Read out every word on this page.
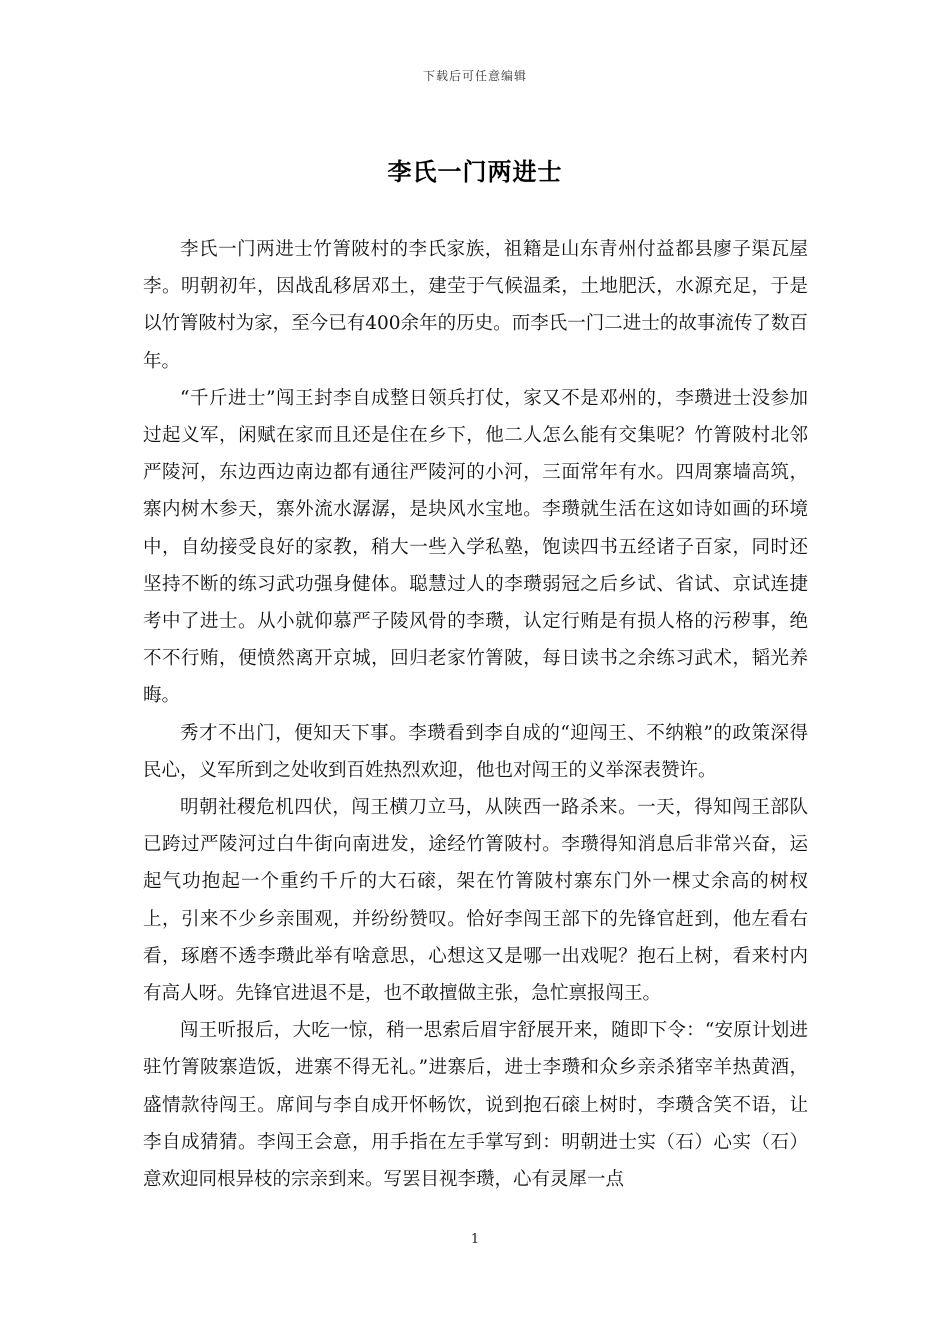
下载后可任意编辑
李氏一门两进士

李氏一门两进士竹箐陂村的李氏家族，祖籍是山东青州付益都县廖子渠瓦屋李。明朝初年，因战乱移居邓土，建茔于气候温柔，土地肥沃，水源充足，于是以竹箐陂村为家，至今已有400余年的历史。而李氏一门二进士的故事流传了数百年。

“千斤进士”闯王封李自成整日领兵打仗，家又不是邓州的，李瓒进士没参加过起义军，闲赋在家而且还是住在乡下，他二人怎么能有交集呢？竹箐陂村北邻严陵河，东边西边南边都有通往严陵河的小河，三面常年有水。四周寨墙高筑，寨内树木参天，寨外流水潺潺，是块风水宝地。李瓒就生活在这如诗如画的环境中，自幼接受良好的家教，稍大一些入学私塾，饱读四书五经诸子百家，同时还坚持不断的练习武功强身健体。聪慧过人的李瓒弱冠之后乡试、省试、京试连捷考中了进士。从小就仰慕严子陵风骨的李瓒，认定行贿是有损人格的污秽事，绝不不行贿，便愤然离开京城，回归老家竹箐陂，每日读书之余练习武术，韬光养晦。

秀才不出门，便知天下事。李瓒看到李自成的“迎闯王、不纳粮”的政策深得民心，义军所到之处收到百姓热烈欢迎，他也对闯王的义举深表赞许。

明朝社稷危机四伏，闯王横刀立马，从陕西一路杀来。一天，得知闯王部队已跨过严陵河过白牛街向南进发，途经竹箐陂村。李瓒得知消息后非常兴奋，运起气功抱起一个重约千斤的大石磙，架在竹箐陂村寨东门外一棵丈余高的树杈上，引来不少乡亲围观，并纷纷赞叹。恰好李闯王部下的先锋官赶到，他左看右看，琢磨不透李瓒此举有啥意思，心想这又是哪一出戏呢？抱石上树，看来村内有高人呀。先锋官进退不是，也不敢擅做主张，急忙禀报闯王。

闯王听报后，大吃一惊，稍一思索后眉宇舒展开来，随即下令：“安原计划进驻竹箐陂寨造饭，进寨不得无礼。”进寨后，进士李瓒和众乡亲杀猪宰羊热黄酒，盛情款待闯王。席间与李自成开怀畅饮，说到抱石磙上树时，李瓒含笑不语，让李自成猜猜。李闯王会意，用手指在左手掌写到：明朝进士实（石）心实（石）意欢迎同根异枝的宗亲到来。写罢目视李瓒，心有灵犀一点

1
